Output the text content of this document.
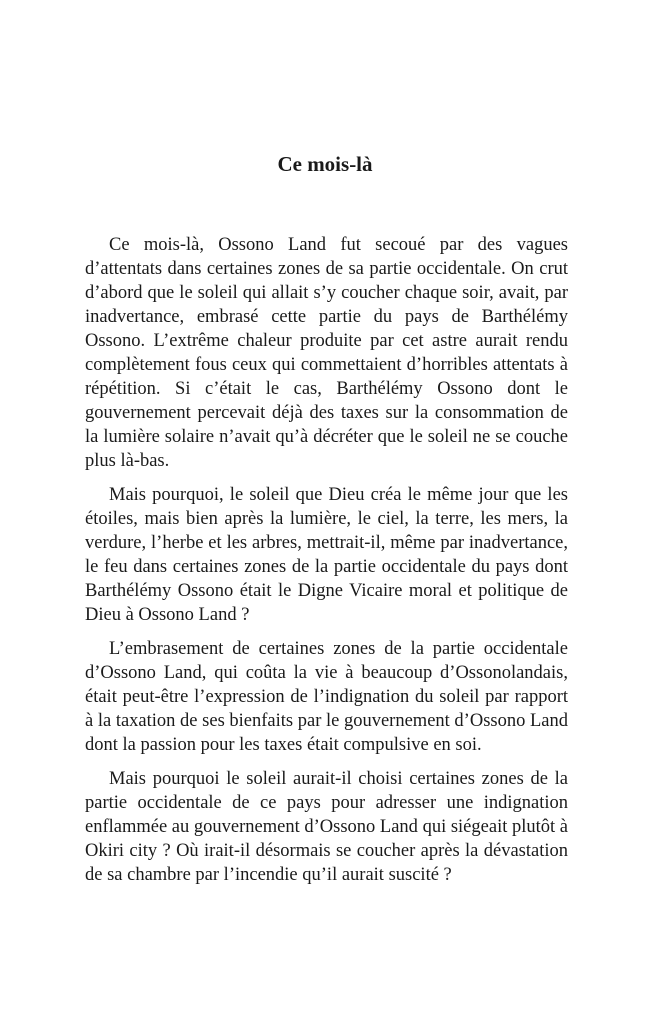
Ce mois-là

Ce mois-là, Ossono Land fut secoué par des vagues d’attentats dans certaines zones de sa partie occidentale. On crut d’abord que le soleil qui allait s’y coucher chaque soir, avait, par inadvertance, embrasé cette partie du pays de Barthélémy Ossono. L’extrême chaleur produite par cet astre aurait rendu complètement fous ceux qui commettaient d’horribles attentats à répétition. Si c’était le cas, Barthélémy Ossono dont le gouvernement percevait déjà des taxes sur la consommation de la lumière solaire n’avait qu’à décréter que le soleil ne se couche plus là-bas.

Mais pourquoi, le soleil que Dieu créa le même jour que les étoiles, mais bien après la lumière, le ciel, la terre, les mers, la verdure, l’herbe et les arbres, mettrait-il, même par inadvertance, le feu dans certaines zones de la partie occidentale du pays dont Barthélémy Ossono était le Digne Vicaire moral et politique de Dieu à Ossono Land ?

L’embrasement de certaines zones de la partie occidentale d’Ossono Land, qui coûta la vie à beaucoup d’Ossonolandais, était peut-être l’expression de l’indignation du soleil par rapport à la taxation de ses bienfaits par le gouvernement d’Ossono Land dont la passion pour les taxes était compulsive en soi.

Mais pourquoi le soleil aurait-il choisi certaines zones de la partie occidentale de ce pays pour adresser une indignation enflammée au gouvernement d’Ossono Land qui siégeait plutôt à Okiri city ? Où irait-il désormais se coucher après la dévastation de sa chambre par l’incendie qu’il aurait suscité ?
